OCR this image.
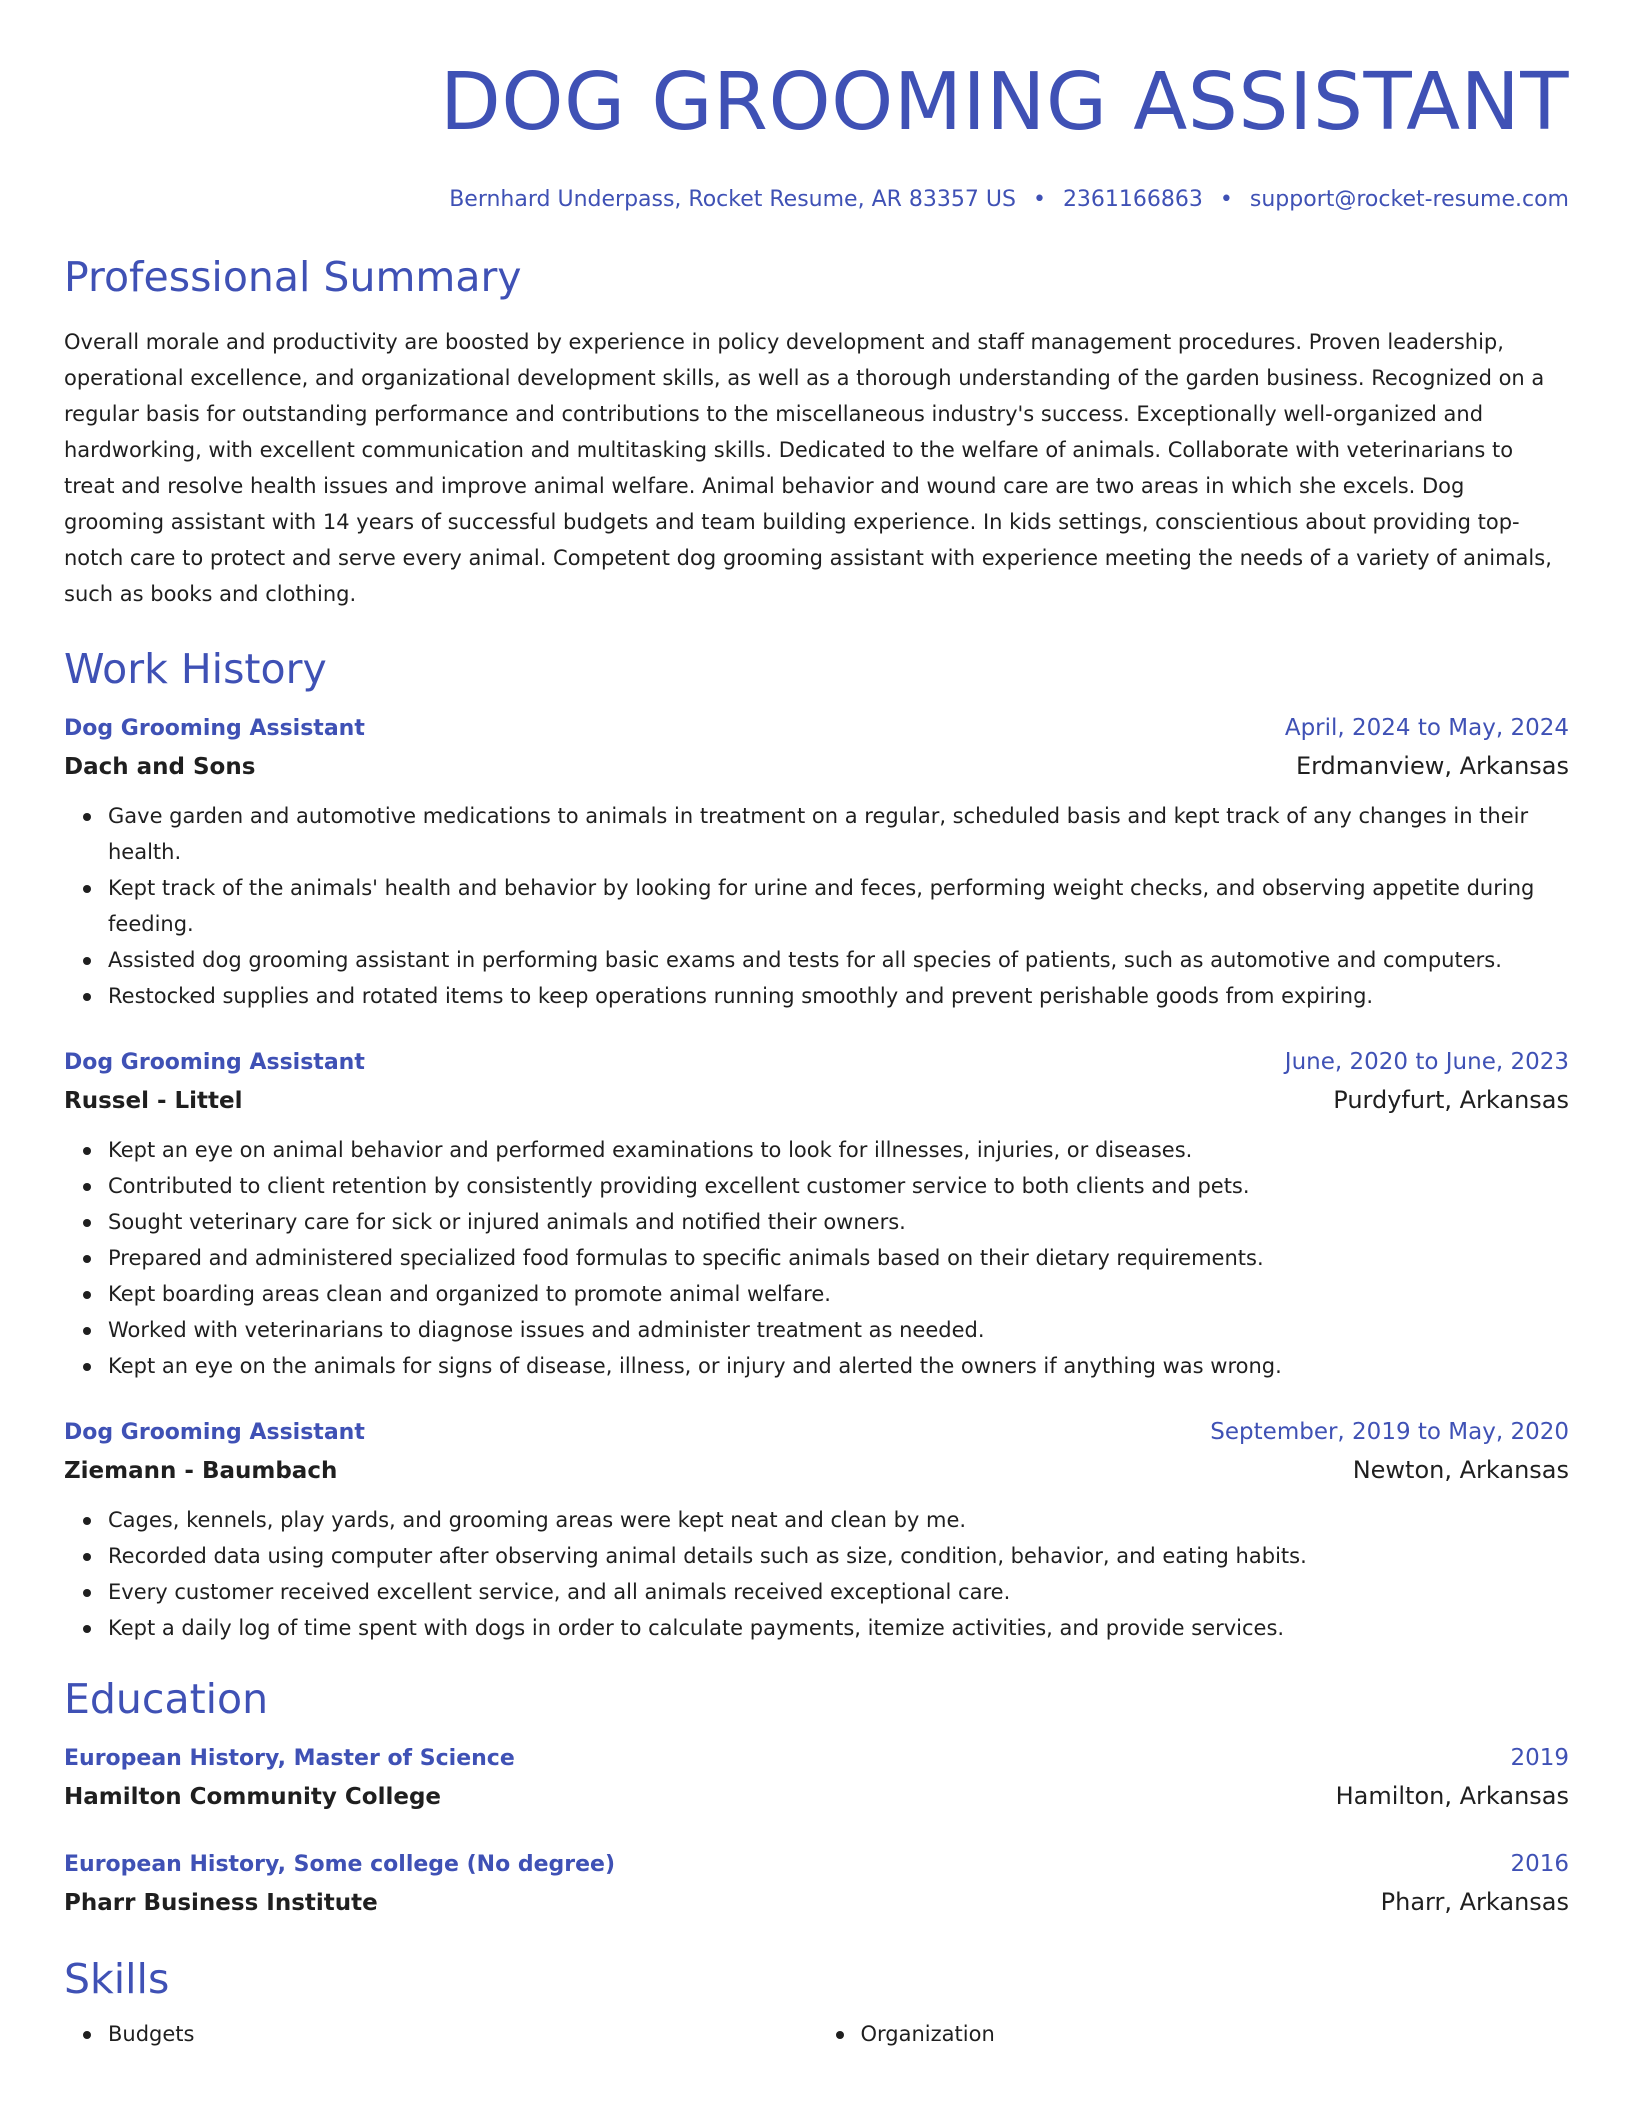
DOG GROOMING ASSISTANT
Bernhard Underpass, Rocket Resume, AR 83357 US • 2361166863 • support@rocket-resume.com
Professional Summary

Overall morale and productivity are boosted by experience in policy development and staff management procedures. Proven leadership, operational excellence, and organizational development skills, as well as a thorough understanding of the garden business. Recognized on a regular basis for outstanding performance and contributions to the miscellaneous industry's success. Exceptionally well-organized and hardworking, with excellent communication and multitasking skills. Dedicated to the welfare of animals. Collaborate with veterinarians to treat and resolve health issues and improve animal welfare. Animal behavior and wound care are two areas in which she excels. Dog grooming assistant with 14 years of successful budgets and team building experience. In kids settings, conscientious about providing top-notch care to protect and serve every animal. Competent dog grooming assistant with experience meeting the needs of a variety of animals, such as books and clothing.

Work History
Dog Grooming Assistant	April, 2024 to May, 2024
Dach and Sons	Erdmanview, Arkansas
Gave garden and automotive medications to animals in treatment on a regular, scheduled basis and kept track of any changes in their health.
Kept track of the animals' health and behavior by looking for urine and feces, performing weight checks, and observing appetite during feeding.
Assisted dog grooming assistant in performing basic exams and tests for all species of patients, such as automotive and computers.
Restocked supplies and rotated items to keep operations running smoothly and prevent perishable goods from expiring.
Dog Grooming Assistant	June, 2020 to June, 2023
Russel - Littel	Purdyfurt, Arkansas
Kept an eye on animal behavior and performed examinations to look for illnesses, injuries, or diseases.
Contributed to client retention by consistently providing excellent customer service to both clients and pets.
Sought veterinary care for sick or injured animals and notified their owners.
Prepared and administered specialized food formulas to specific animals based on their dietary requirements.
Kept boarding areas clean and organized to promote animal welfare.
Worked with veterinarians to diagnose issues and administer treatment as needed.
Kept an eye on the animals for signs of disease, illness, or injury and alerted the owners if anything was wrong.
Dog Grooming Assistant	September, 2019 to May, 2020
Ziemann - Baumbach	Newton, Arkansas
Cages, kennels, play yards, and grooming areas were kept neat and clean by me.
Recorded data using computer after observing animal details such as size, condition, behavior, and eating habits.
Every customer received excellent service, and all animals received exceptional care.
Kept a daily log of time spent with dogs in order to calculate payments, itemize activities, and provide services.
Education
European History, Master of Science	2019
Hamilton Community College	Hamilton, Arkansas
European History, Some college (No degree)	2016
Pharr Business Institute	Pharr, Arkansas
Skills
Budgets	Organization
